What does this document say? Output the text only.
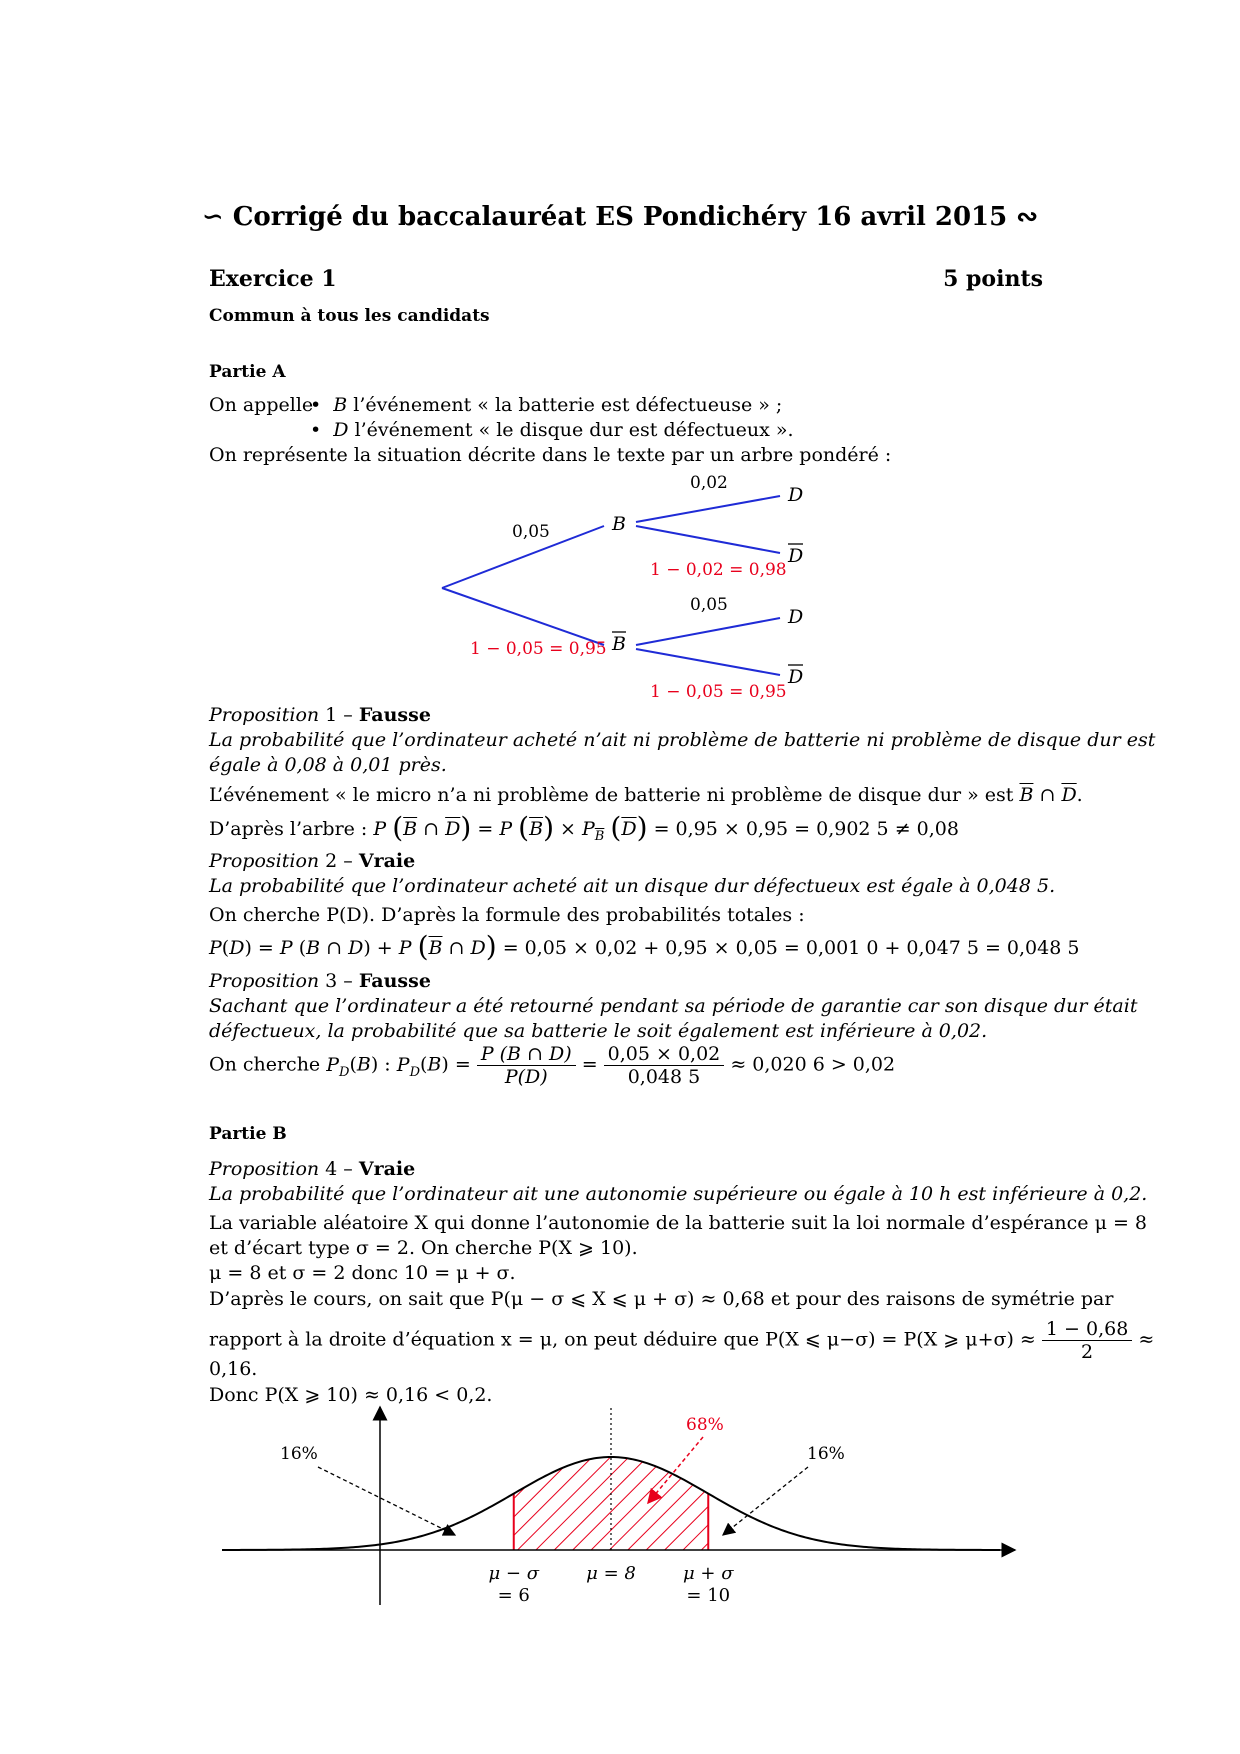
∽ Corrigé du baccalauréat ES Pondichéry 16 avril 2015 ∾
Exercice 1	5 points
Commun à tous les candidats
Partie A
On appelle
•  B l’événement « la batterie est défectueuse » ;
•  D l’événement « le disque dur est défectueux ».
On représente la situation décrite dans le texte par un arbre pondéré :
0,05
1 − 0,05 = 0,95
0,02
1 − 0,02 = 0,98
0,05
1 − 0,05 = 0,95
B
B
D
D
D
D
Proposition 1 – Fausse
La probabilité que l’ordinateur acheté n’ait ni problème de batterie ni problème de disque dur est
égale à 0,08 à 0,01 près.
L’événement « le micro n’a ni problème de batterie ni problème de disque dur » est $\overline{B}$ ∩ $\overline{D}$.
D’après l’arbre : P ($\overline{B}$ ∩ $\overline{D}) = P$ $(\overline{B}) \times P_{\overline{B}}$ $(\overline{D}) = 0,95 \times 0,95 = 0,902$ 5 ≠ 0,08
Proposition 2 – Vraie
La probabilité que l’ordinateur acheté ait un disque dur défectueux est égale à 0,048 5.
On cherche P(D). D’après la formule des probabilités totales :
P(D) = P (B ∩ D) + P ($\overline{B}$ ∩ D) = 0,05 × 0,02 + 0,95 × 0,05 = 0,001 0 + 0,047 5 = 0,048 5
Proposition 3 – Fausse
Sachant que l’ordinateur a été retourné pendant sa période de garantie car son disque dur était
défectueux, la probabilité que sa batterie le soit également est inférieure à 0,02.
On cherche $P_D(B)$ : $P_D(B) = \frac{P (B \cap D)}{P(D)} = \frac{0,05 \times 0,02}{0,048 5} \approx 0,020$ 6 > 0,02
Partie B
Proposition 4 – Vraie
La probabilité que l’ordinateur ait une autonomie supérieure ou égale à 10 h est inférieure à 0,2.
La variable aléatoire X qui donne l’autonomie de la batterie suit la loi normale d’espérance μ = 8
et d’écart type σ = 2. On cherche P(X ⩾ 10).
μ = 8 et σ = 2 donc 10 = μ + σ.
D’après le cours, on sait que P(μ − σ ⩽ X ⩽ μ + σ) ≈ 0,68 et pour des raisons de symétrie par
rapport à la droite d’équation x = μ, on peut déduire que P(X ⩽ μ−σ) = P(X ⩾ $\mu+\sigma) \approx \frac{1 - 0,68}{2}$ ≈
0,16.
Donc P(X ⩾ 10) ≈ 0,16 < 0,2.
16%
68%
16%
μ − σ
= 6
μ = 8	μ + σ
= 10
